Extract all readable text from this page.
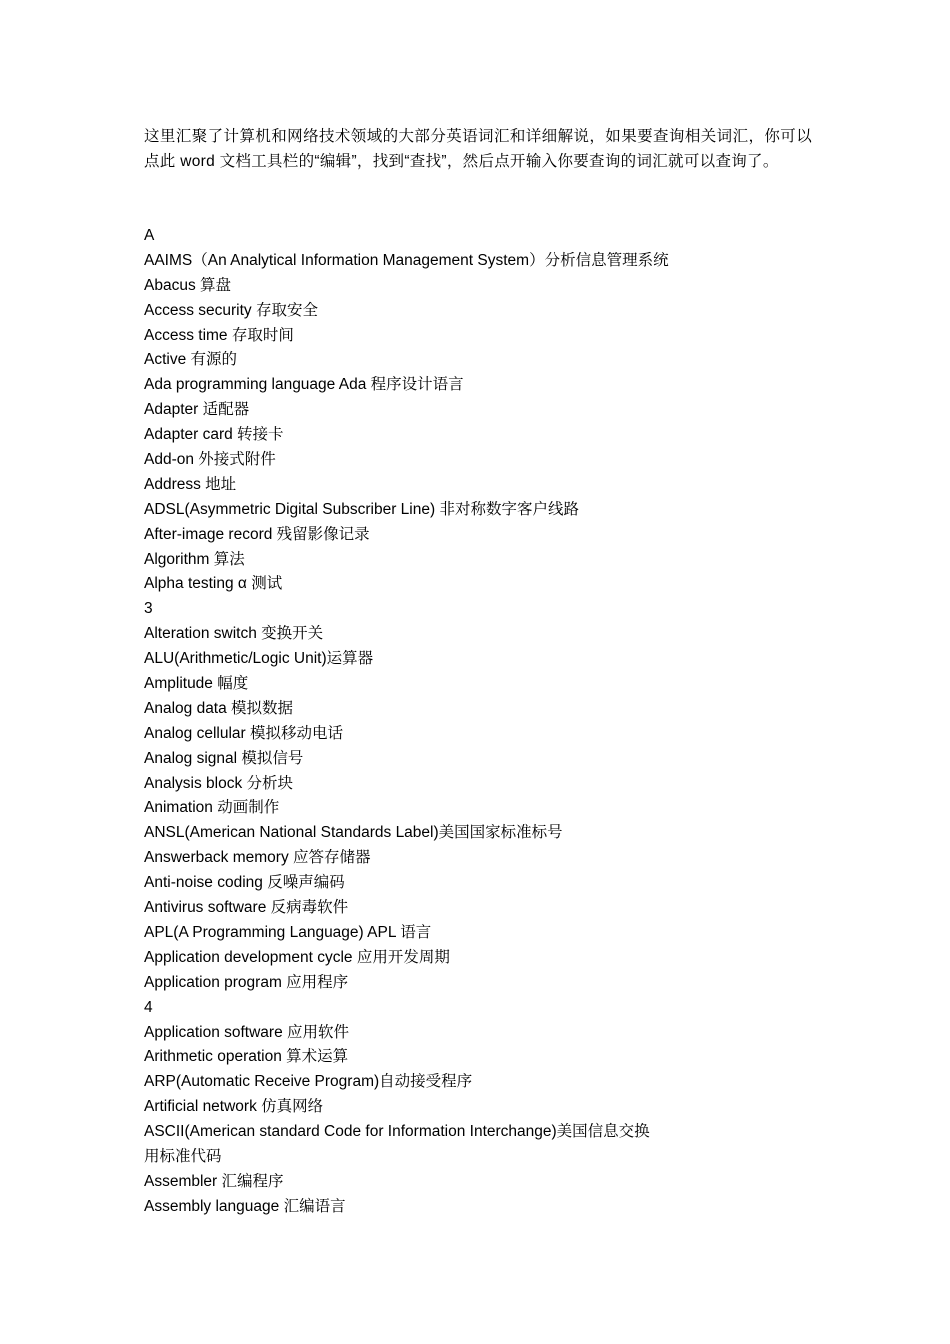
这里汇聚了计算机和网络技术领域的大部分英语词汇和详细解说，如果要查询相关词汇，你可以点此 word 文档工具栏的“编辑”，找到“查找”，然后点开输入你要查询的词汇就可以查询了。

A
AAIMS（An Analytical Information Management System）分析信息管理系统
Abacus 算盘
Access security 存取安全
Access time 存取时间
Active 有源的
Ada programming language Ada 程序设计语言
Adapter 适配器
Adapter card 转接卡
Add-on 外接式附件
Address 地址
ADSL(Asymmetric Digital Subscriber Line) 非对称数字客户线路
After-image record 残留影像记录
Algorithm 算法
Alpha testing α 测试
3
Alteration switch 变换开关
ALU(Arithmetic/Logic Unit)运算器
Amplitude 幅度
Analog data 模拟数据
Analog cellular 模拟移动电话
Analog signal 模拟信号
Analysis block 分析块
Animation 动画制作
ANSL(American National Standards Label)美国国家标准标号
Answerback memory 应答存储器
Anti-noise coding 反噪声编码
Antivirus software 反病毒软件
APL(A Programming Language) APL 语言
Application development cycle 应用开发周期
Application program 应用程序
4
Application software 应用软件
Arithmetic operation 算术运算
ARP(Automatic Receive Program)自动接受程序
Artificial network 仿真网络
ASCII(American standard Code for Information Interchange)美国信息交换用标准代码
Assembler 汇编程序
Assembly language 汇编语言
